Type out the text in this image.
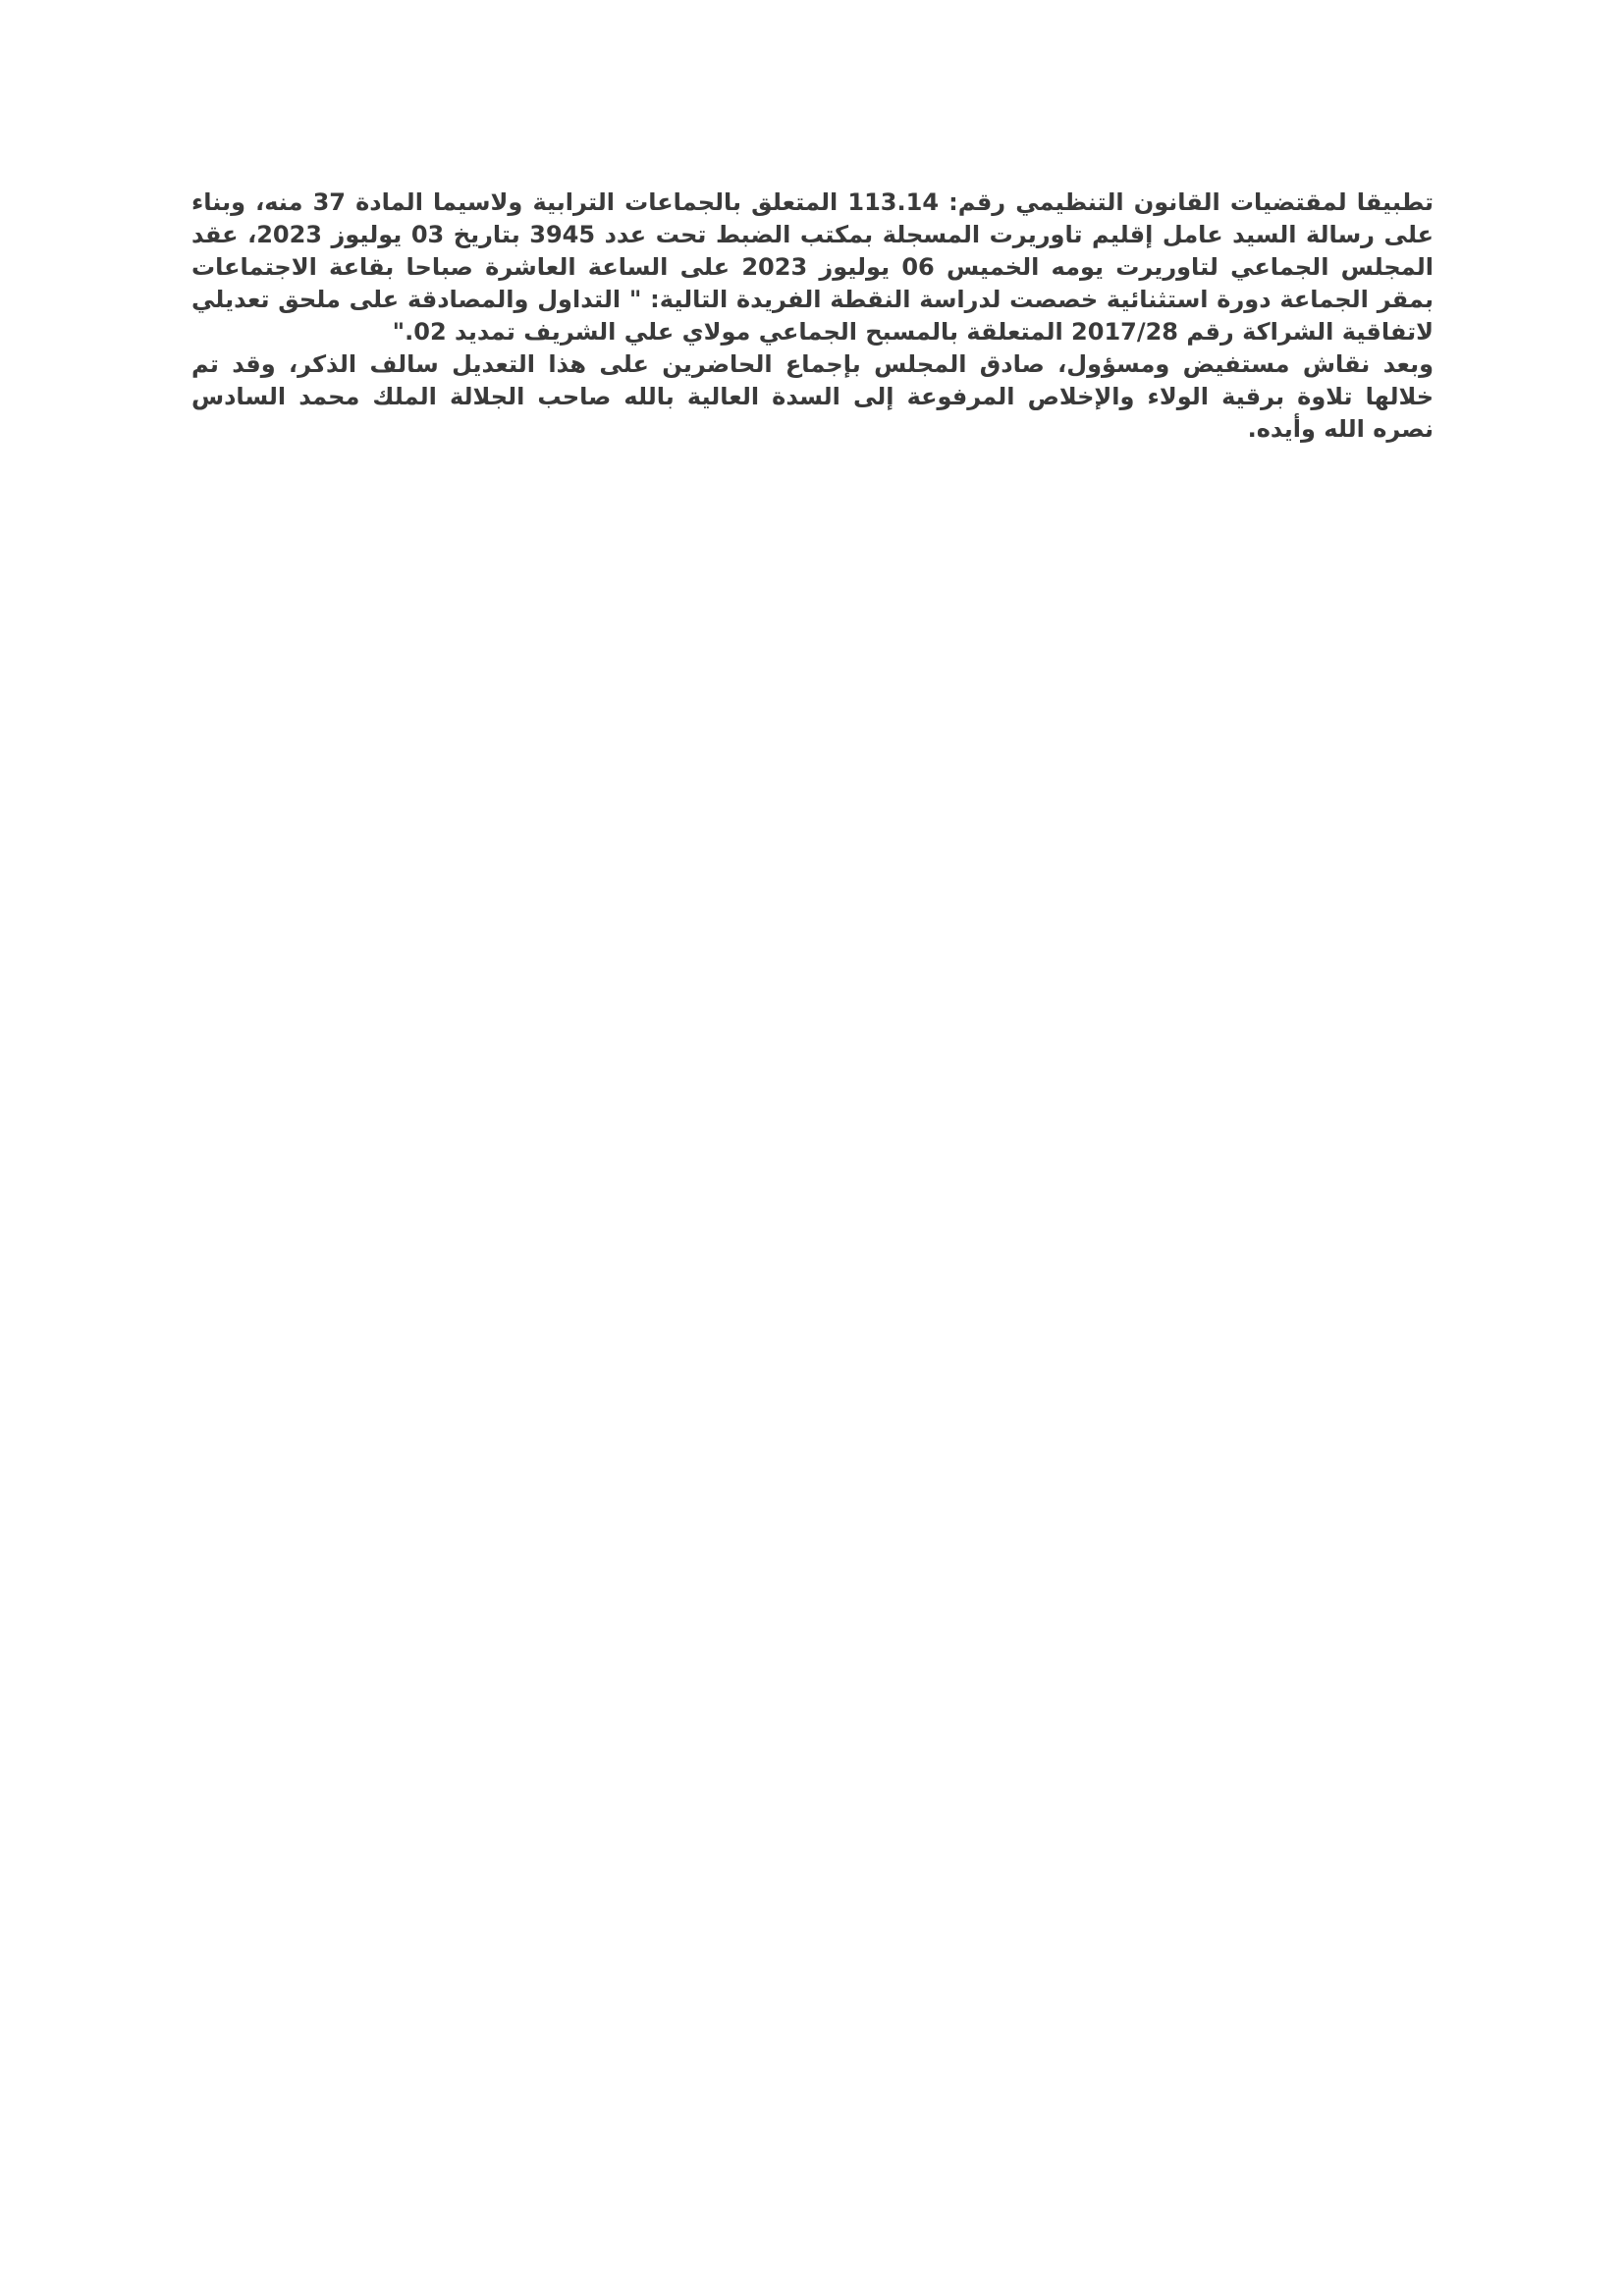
تطبيقا لمقتضيات القانون التنظيمي رقم: 113.14 المتعلق بالجماعات الترابية ولاسيما المادة 37 منه، وبناء على رسالة السيد عامل إقليم تاوريرت المسجلة بمكتب الضبط تحت عدد 3945 بتاريخ 03 يوليوز 2023، عقد المجلس الجماعي لتاوريرت يومه الخميس 06 يوليوز 2023 على الساعة العاشرة صباحا بقاعة الاجتماعات بمقر الجماعة دورة استثنائية خصصت لدراسة النقطة الفريدة التالية: " التداول والمصادقة على ملحق تعديلي لاتفاقية الشراكة رقم 2017/28 المتعلقة بالمسبح الجماعي مولاي علي الشريف تمديد 02."

وبعد نقاش مستفيض ومسؤول، صادق المجلس بإجماع الحاضرين على هذا التعديل سالف الذكر، وقد تم خلالها تلاوة برقية الولاء والإخلاص المرفوعة إلى السدة العالية بالله صاحب الجلالة الملك محمد السادس نصره الله وأيده.
